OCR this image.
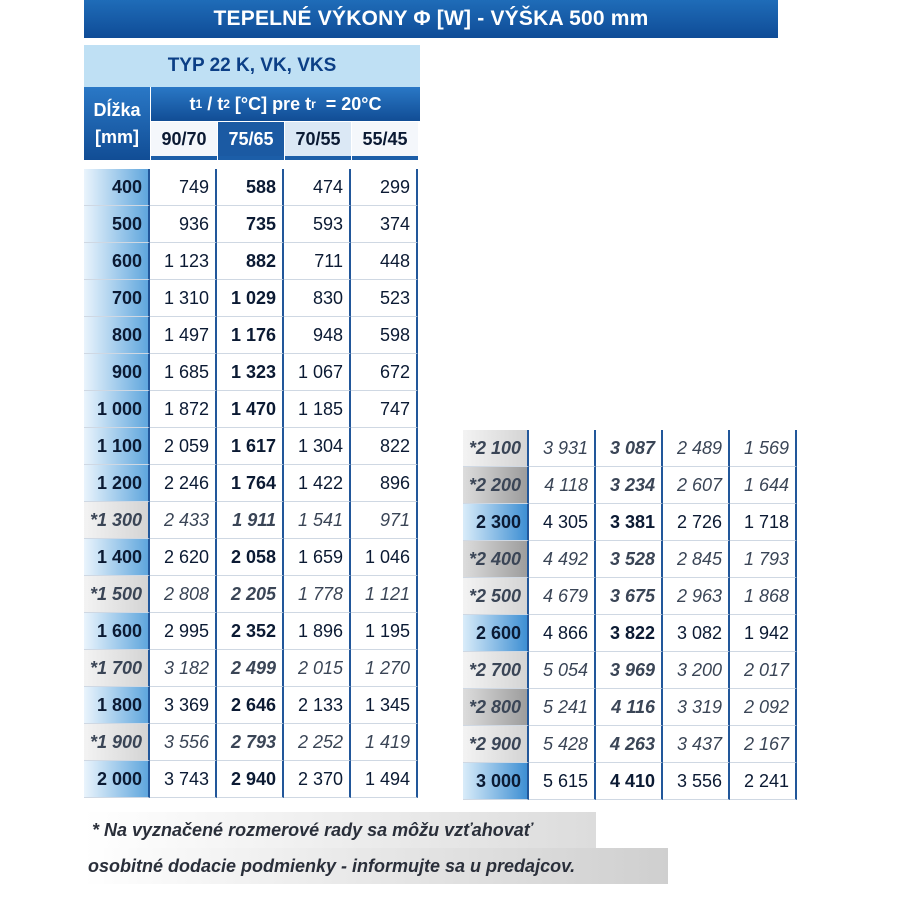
TEPELNÉ VÝKONY Φ [W] - VÝŠKA 500 mm
TYP 22 K, VK, VKS
Dĺžka
[mm]
t 1 / t 2 [°C] pre t r = 20°C
90/70	75/65	70/55	55/45
400	749	588	474	299
500	936	735	593	374
600	1 123	882	711	448
700	1 310	1 029	830	523
800	1 497	1 176	948	598
900	1 685	1 323	1 067	672
1 000	1 872	1 470	1 185	747
1 100	2 059	1 617	1 304	822
1 200	2 246	1 764	1 422	896
*1 300	2 433	1 911	1 541	971
1 400	2 620	2 058	1 659	1 046
*1 500	2 808	2 205	1 778	1 121
1 600	2 995	2 352	1 896	1 195
*1 700	3 182	2 499	2 015	1 270
1 800	3 369	2 646	2 133	1 345
*1 900	3 556	2 793	2 252	1 419
2 000	3 743	2 940	2 370	1 494
*2 100	3 931	3 087	2 489	1 569
*2 200	4 118	3 234	2 607	1 644
2 300	4 305	3 381	2 726	1 718
*2 400	4 492	3 528	2 845	1 793
*2 500	4 679	3 675	2 963	1 868
2 600	4 866	3 822	3 082	1 942
*2 700	5 054	3 969	3 200	2 017
*2 800	5 241	4 116	3 319	2 092
*2 900	5 428	4 263	3 437	2 167
3 000	5 615	4 410	3 556	2 241
* Na vyznačené rozmerové rady sa môžu vzťahovať
osobitné dodacie podmienky - informujte sa u predajcov.
